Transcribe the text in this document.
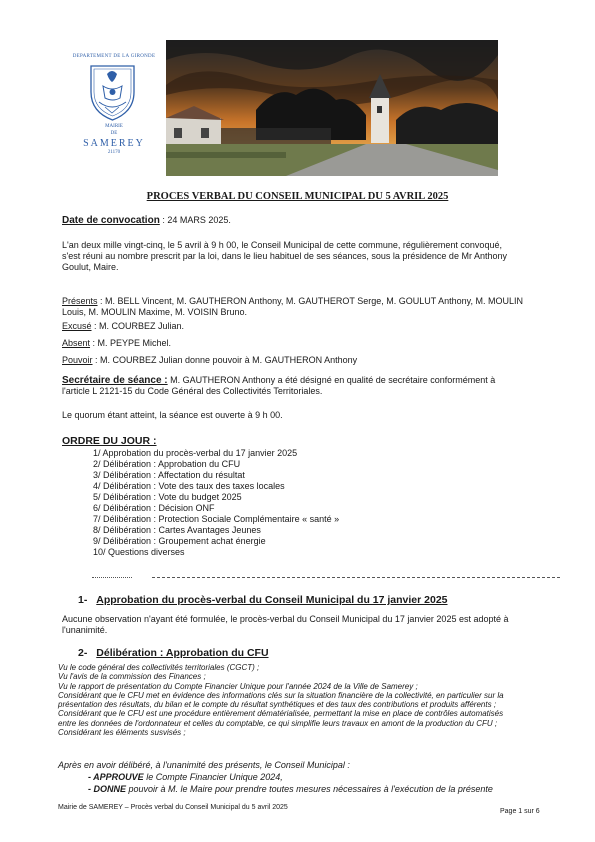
DEPARTEMENT DE LA GIRONDE
MAIRIE
DE
SAMEREY
21170
PROCES VERBAL DU CONSEIL MUNICIPAL DU 5 AVRIL 2025
Date de convocation : 24 MARS 2025.
L'an deux mille vingt-cinq, le 5 avril à 9 h 00, le Conseil Municipal de cette commune, régulièrement convoqué,
s'est réuni au nombre prescrit par la loi, dans le lieu habituel de ses séances, sous la présidence de Mr Anthony
Goulut, Maire.
Présents : M. BELL Vincent, M. GAUTHERON Anthony, M. GAUTHEROT Serge, M. GOULUT Anthony, M. MOULIN
Louis, M. MOULIN Maxime, M. VOISIN Bruno.
Excusé : M. COURBEZ Julian.
Absent : M. PEYPE Michel.
Pouvoir : M. COURBEZ Julian donne pouvoir à M. GAUTHERON Anthony
Secrétaire de séance : M. GAUTHERON Anthony a été désigné en qualité de secrétaire conformément à
l'article L 2121-15 du Code Général des Collectivités Territoriales.
Le quorum étant atteint, la séance est ouverte à 9 h 00.
ORDRE DU JOUR :
1/ Approbation du procès-verbal du 17 janvier 2025
2/ Délibération : Approbation du CFU
3/ Délibération : Affectation du résultat
4/ Délibération : Vote des taux des taxes locales
5/ Délibération : Vote du budget 2025
6/ Délibération : Décision ONF
7/ Délibération : Protection Sociale Complémentaire « santé »
8/ Délibération : Cartes Avantages Jeunes
9/ Délibération : Groupement achat énergie
10/ Questions diverses
1- Approbation du procès-verbal du Conseil Municipal du 17 janvier 2025
Aucune observation n'ayant été formulée, le procès-verbal du Conseil Municipal du 17 janvier 2025 est adopté à
l'unanimité.
2- Délibération : Approbation du CFU
Vu le code général des collectivités territoriales (CGCT) ;
Vu l'avis de la commission des Finances ;
Vu le rapport de présentation du Compte Financier Unique pour l'année 2024 de la Ville de Samerey ;
Considérant que le CFU met en évidence des informations clés sur la situation financière de la collectivité, en particulier sur la
présentation des résultats, du bilan et le compte du résultat synthétiques et des taux des contributions et produits afférents ;
Considérant que le CFU est une procédure entièrement dématérialisée, permettant la mise en place de contrôles automatisés
entre les données de l'ordonnateur et celles du comptable, ce qui simplifie leurs travaux en amont de la production du CFU ;
Considérant les éléments susvisés ;
Après en avoir délibéré, à l'unanimité des présents, le Conseil Municipal :
- APPROUVE le Compte Financier Unique 2024,
- DONNE pouvoir à M. le Maire pour prendre toutes mesures nécessaires à l'exécution de la présente
Mairie de SAMEREY – Procès verbal du Conseil Municipal du 5 avril 2025
Page 1 sur 6
